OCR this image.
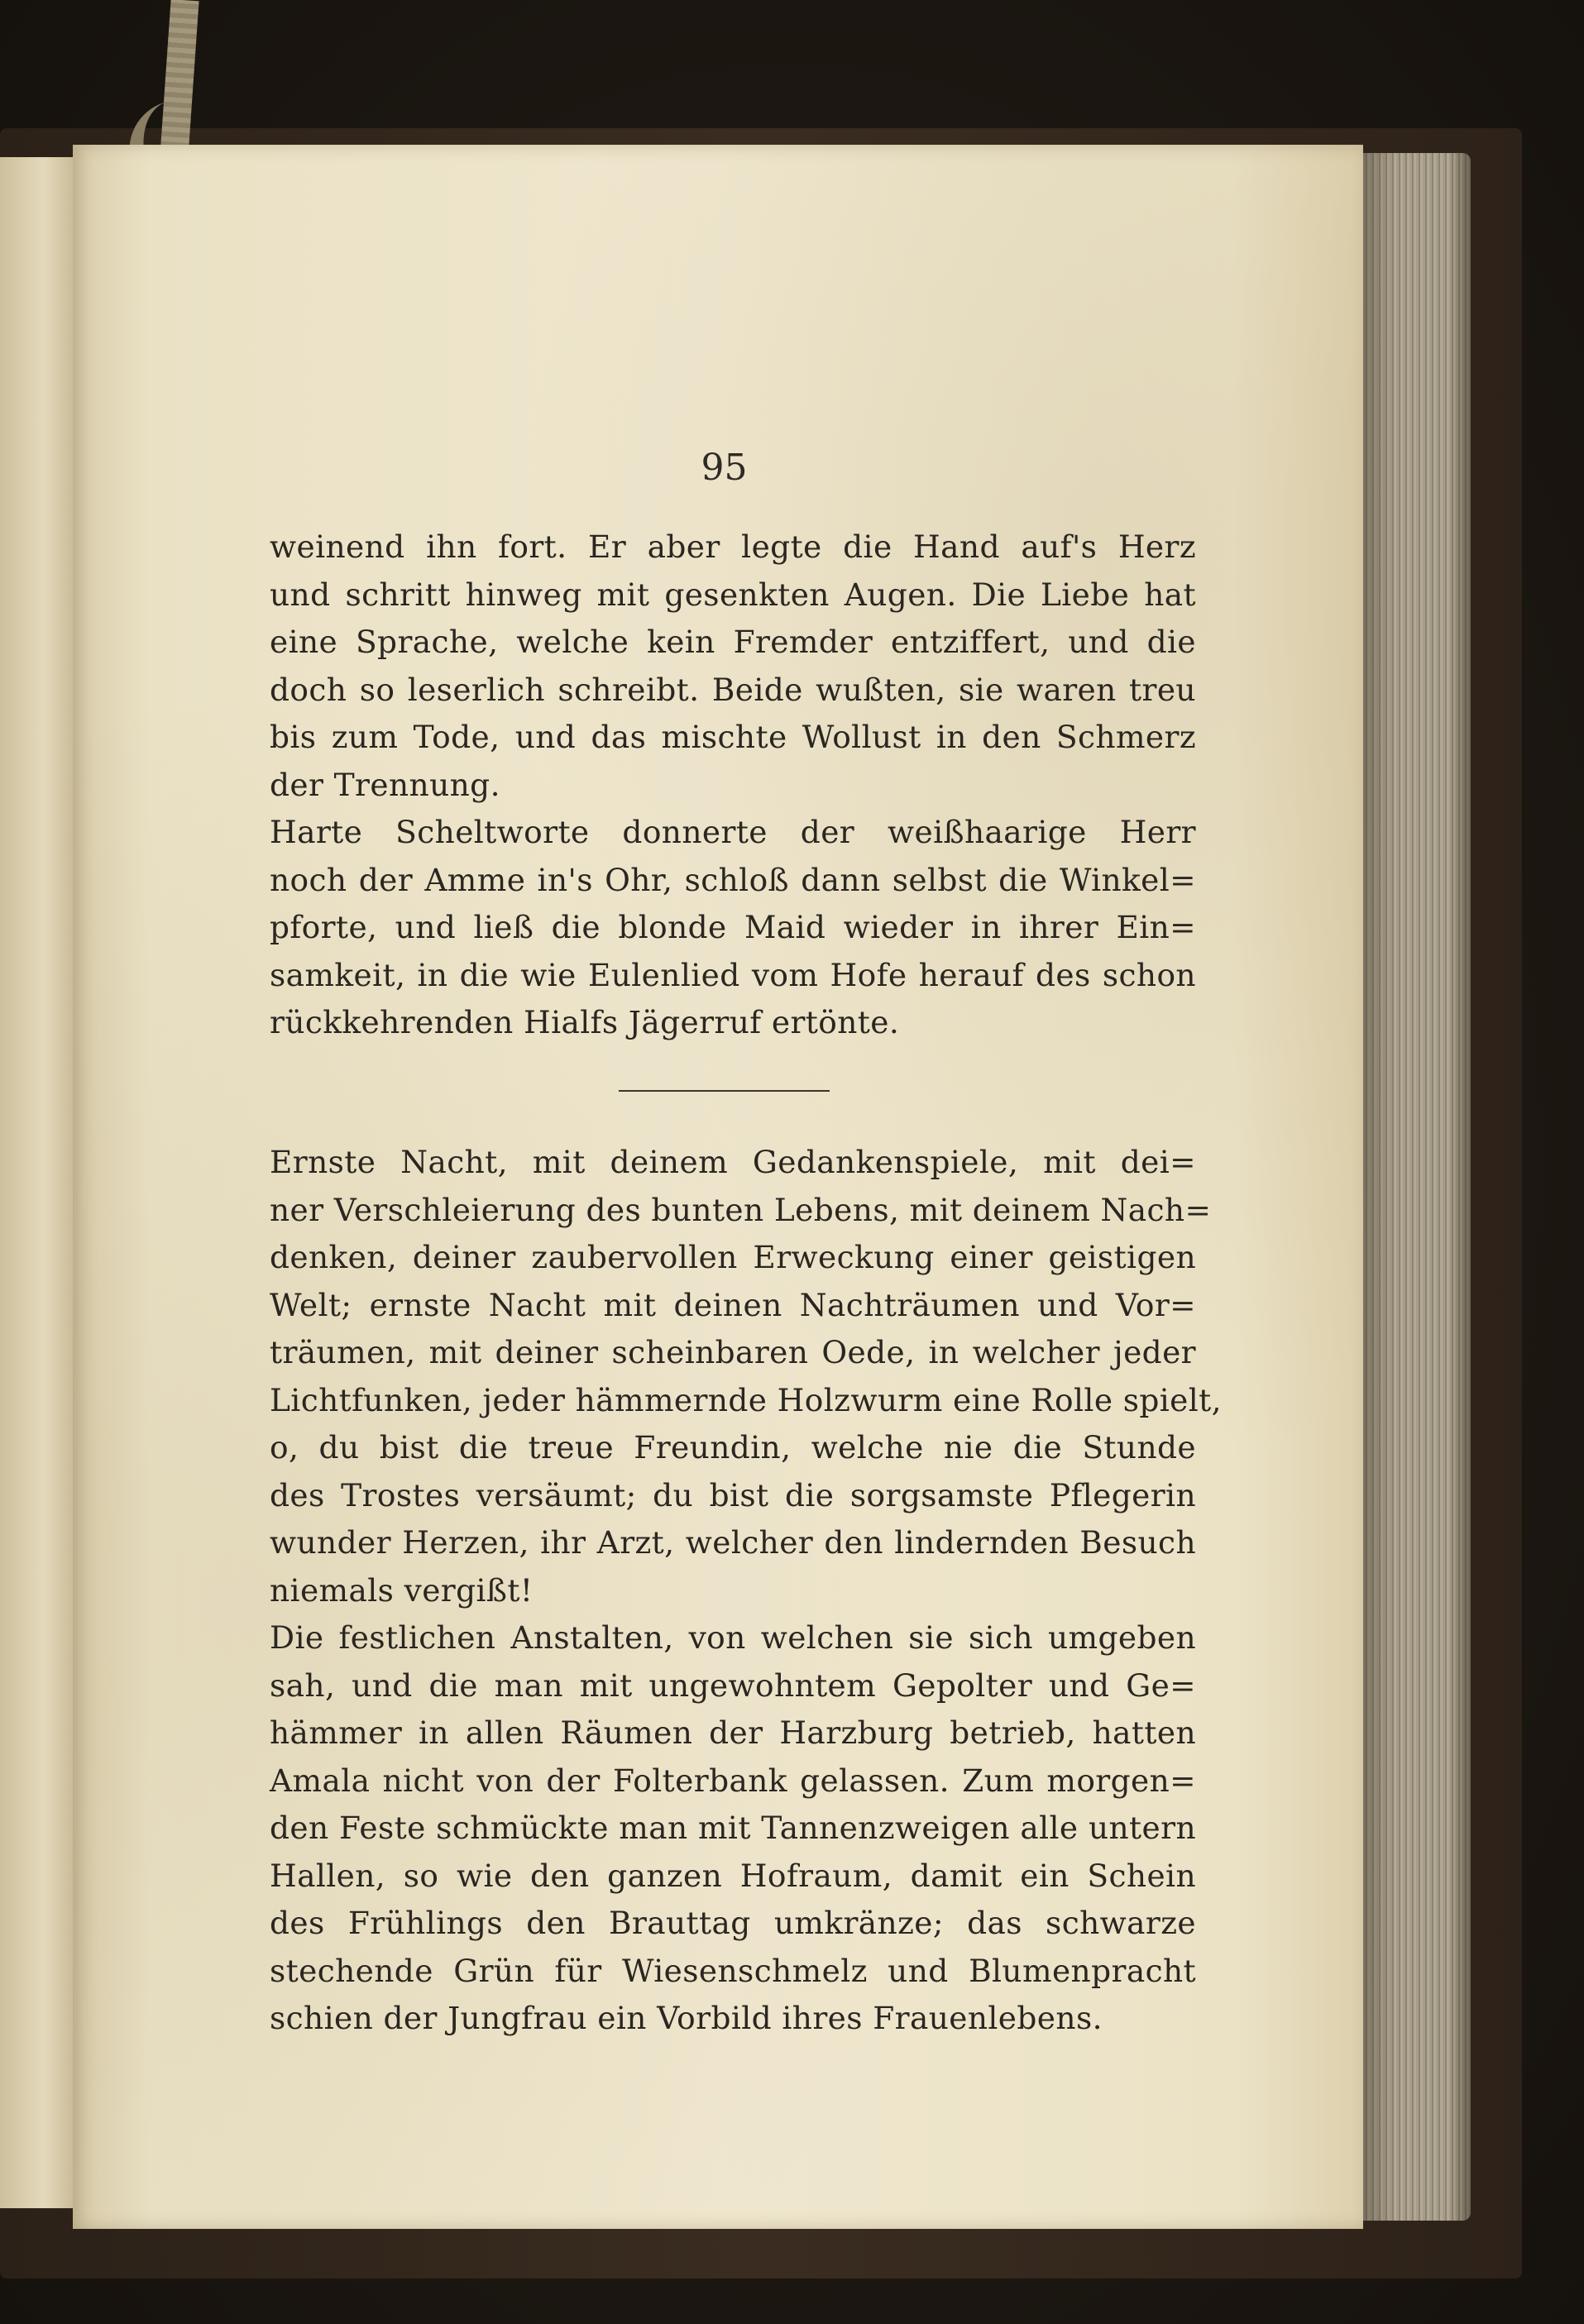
95
weinend ihn fort. Er aber legte die Hand auf's Herz
und schritt hinweg mit gesenkten Augen. Die Liebe hat
eine Sprache, welche kein Fremder entziffert, und die
doch so leserlich schreibt. Beide wußten, sie waren treu
bis zum Tode, und das mischte Wollust in den Schmerz
der Trennung.
Harte Scheltworte donnerte der weißhaarige Herr
noch der Amme in's Ohr, schloß dann selbst die Winkel=
pforte, und ließ die blonde Maid wieder in ihrer Ein=
samkeit, in die wie Eulenlied vom Hofe herauf des schon
rückkehrenden Hialfs Jägerruf ertönte.
Ernste Nacht, mit deinem Gedankenspiele, mit dei=
ner Verschleierung des bunten Lebens, mit deinem Nach=
denken, deiner zaubervollen Erweckung einer geistigen
Welt; ernste Nacht mit deinen Nachträumen und Vor=
träumen, mit deiner scheinbaren Oede, in welcher jeder
Lichtfunken, jeder hämmernde Holzwurm eine Rolle spielt,
o, du bist die treue Freundin, welche nie die Stunde
des Trostes versäumt; du bist die sorgsamste Pflegerin
wunder Herzen, ihr Arzt, welcher den lindernden Besuch
niemals vergißt!
Die festlichen Anstalten, von welchen sie sich umgeben
sah, und die man mit ungewohntem Gepolter und Ge=
hämmer in allen Räumen der Harzburg betrieb, hatten
Amala nicht von der Folterbank gelassen. Zum morgen=
den Feste schmückte man mit Tannenzweigen alle untern
Hallen, so wie den ganzen Hofraum, damit ein Schein
des Frühlings den Brauttag umkränze; das schwarze
stechende Grün für Wiesenschmelz und Blumenpracht
schien der Jungfrau ein Vorbild ihres Frauenlebens.
